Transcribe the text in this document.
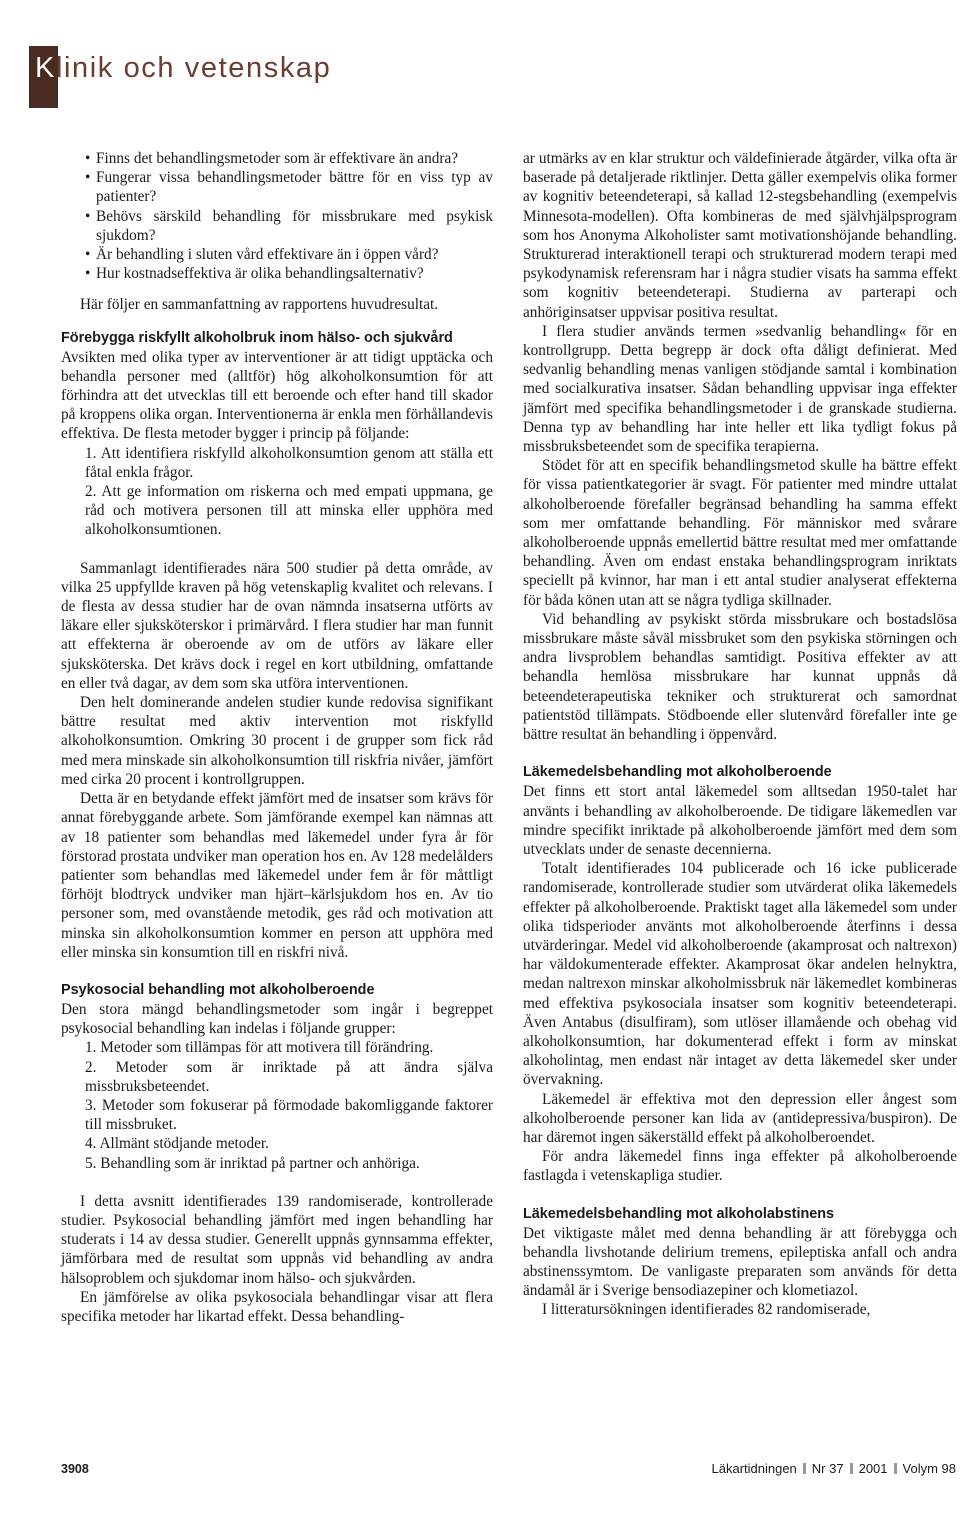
Klinik och vetenskap
• Finns det behandlingsmetoder som är effektivare än andra?
• Fungerar vissa behandlingsmetoder bättre för en viss typ av patienter?
• Behövs särskild behandling för missbrukare med psykisk sjukdom?
• Är behandling i sluten vård effektivare än i öppen vård?
• Hur kostnadseffektiva är olika behandlingsalternativ?

Här följer en sammanfattning av rapportens huvudresultat.

Förebygga riskfyllt alkoholbruk inom hälso- och sjukvård

Avsikten med olika typer av interventioner är att tidigt upptäcka och behandla personer med (alltför) hög alkoholkonsumtion för att förhindra att det utvecklas till ett beroende och efter hand till skador på kroppens olika organ. Interventionerna är enkla men förhållandevis effektiva. De flesta metoder bygger i princip på följande:

1. Att identifiera riskfylld alkoholkonsumtion genom att ställa ett fåtal enkla frågor.
2. Att ge information om riskerna och med empati uppmana, ge råd och motivera personen till att minska eller upphöra med alkoholkonsumtionen.

Sammanlagt identifierades nära 500 studier på detta område, av vilka 25 uppfyllde kraven på hög vetenskaplig kvalitet och relevans. I de flesta av dessa studier har de ovan nämnda insatserna utförts av läkare eller sjuksköterskor i primärvård. I flera studier har man funnit att effekterna är oberoende av om de utförs av läkare eller sjuksköterska. Det krävs dock i regel en kort utbildning, omfattande en eller två dagar, av dem som ska utföra interventionen.

Den helt dominerande andelen studier kunde redovisa signifikant bättre resultat med aktiv intervention mot riskfylld alkoholkonsumtion. Omkring 30 procent i de grupper som fick råd med mera minskade sin alkoholkonsumtion till riskfria nivåer, jämfört med cirka 20 procent i kontrollgruppen.

Detta är en betydande effekt jämfört med de insatser som krävs för annat förebyggande arbete. Som jämförande exempel kan nämnas att av 18 patienter som behandlas med läkemedel under fyra år för förstorad prostata undviker man operation hos en. Av 128 medelålders patienter som behandlas med läkemedel under fem år för måttligt förhöjt blodtryck undviker man hjärt–kärlsjukdom hos en. Av tio personer som, med ovanstående metodik, ges råd och motivation att minska sin alkoholkonsumtion kommer en person att upphöra med eller minska sin konsumtion till en riskfri nivå.

Psykosocial behandling mot alkoholberoende

Den stora mängd behandlingsmetoder som ingår i begreppet psykosocial behandling kan indelas i följande grupper:

1. Metoder som tillämpas för att motivera till förändring.
2. Metoder som är inriktade på att ändra själva missbruksbeteendet.
3. Metoder som fokuserar på förmodade bakomliggande faktorer till missbruket.
4. Allmänt stödjande metoder.
5. Behandling som är inriktad på partner och anhöriga.

I detta avsnitt identifierades 139 randomiserade, kontrollerade studier. Psykosocial behandling jämfört med ingen behandling har studerats i 14 av dessa studier. Generellt uppnås gynnsamma effekter, jämförbara med de resultat som uppnås vid behandling av andra hälsoproblem och sjukdomar inom hälso- och sjukvården.

En jämförelse av olika psykosociala behandlingar visar att flera specifika metoder har likartad effekt. Dessa behandling-

ar utmärks av en klar struktur och väldefinierade åtgärder, vilka ofta är baserade på detaljerade riktlinjer. Detta gäller exempelvis olika former av kognitiv beteendeterapi, så kallad 12-stegsbehandling (exempelvis Minnesota-modellen). Ofta kombineras de med självhjälpsprogram som hos Anonyma Alkoholister samt motivationshöjande behandling. Strukturerad interaktionell terapi och strukturerad modern terapi med psykodynamisk referensram har i några studier visats ha samma effekt som kognitiv beteendeterapi. Studierna av parterapi och anhöriginsatser uppvisar positiva resultat.

I flera studier används termen »sedvanlig behandling« för en kontrollgrupp. Detta begrepp är dock ofta dåligt definierat. Med sedvanlig behandling menas vanligen stödjande samtal i kombination med socialkurativa insatser. Sådan behandling uppvisar inga effekter jämfört med specifika behandlingsmetoder i de granskade studierna. Denna typ av behandling har inte heller ett lika tydligt fokus på missbruksbeteendet som de specifika terapierna.

Stödet för att en specifik behandlingsmetod skulle ha bättre effekt för vissa patientkategorier är svagt. För patienter med mindre uttalat alkoholberoende förefaller begränsad behandling ha samma effekt som mer omfattande behandling. För människor med svårare alkoholberoende uppnås emellertid bättre resultat med mer omfattande behandling. Även om endast enstaka behandlingsprogram inriktats speciellt på kvinnor, har man i ett antal studier analyserat effekterna för båda könen utan att se några tydliga skillnader.

Vid behandling av psykiskt störda missbrukare och bostadslösa missbrukare måste såväl missbruket som den psykiska störningen och andra livsproblem behandlas samtidigt. Positiva effekter av att behandla hemlösa missbrukare har kunnat uppnås då beteendeterapeutiska tekniker och strukturerat och samordnat patientstöd tillämpats. Stödboende eller slutenvård förefaller inte ge bättre resultat än behandling i öppenvård.

Läkemedelsbehandling mot alkoholberoende

Det finns ett stort antal läkemedel som alltsedan 1950-talet har använts i behandling av alkoholberoende. De tidigare läkemedlen var mindre specifikt inriktade på alkoholberoende jämfört med dem som utvecklats under de senaste decennierna.

Totalt identifierades 104 publicerade och 16 icke publicerade randomiserade, kontrollerade studier som utvärderat olika läkemedels effekter på alkoholberoende. Praktiskt taget alla läkemedel som under olika tidsperioder använts mot alkoholberoende återfinns i dessa utvärderingar. Medel vid alkoholberoende (akamprosat och naltrexon) har väldokumenterade effekter. Akamprosat ökar andelen helnyktra, medan naltrexon minskar alkoholmissbruk när läkemedlet kombineras med effektiva psykosociala insatser som kognitiv beteendeterapi. Även Antabus (disulfiram), som utlöser illamående och obehag vid alkoholkonsumtion, har dokumenterad effekt i form av minskat alkoholintag, men endast när intaget av detta läkemedel sker under övervakning.

Läkemedel är effektiva mot den depression eller ångest som alkoholberoende personer kan lida av (antidepressiva/buspiron). De har däremot ingen säkerställd effekt på alkoholberoendet.

För andra läkemedel finns inga effekter på alkoholberoende fastlagda i vetenskapliga studier.

Läkemedelsbehandling mot alkoholabstinens

Det viktigaste målet med denna behandling är att förebygga och behandla livshotande delirium tremens, epileptiska anfall och andra abstinenssymtom. De vanligaste preparaten som används för detta ändamål är i Sverige bensodiazepiner och klometiazol.

I litteratursökningen identifierades 82 randomiserade,

3908	Läkartidningen Nr 37 2001 Volym 98
